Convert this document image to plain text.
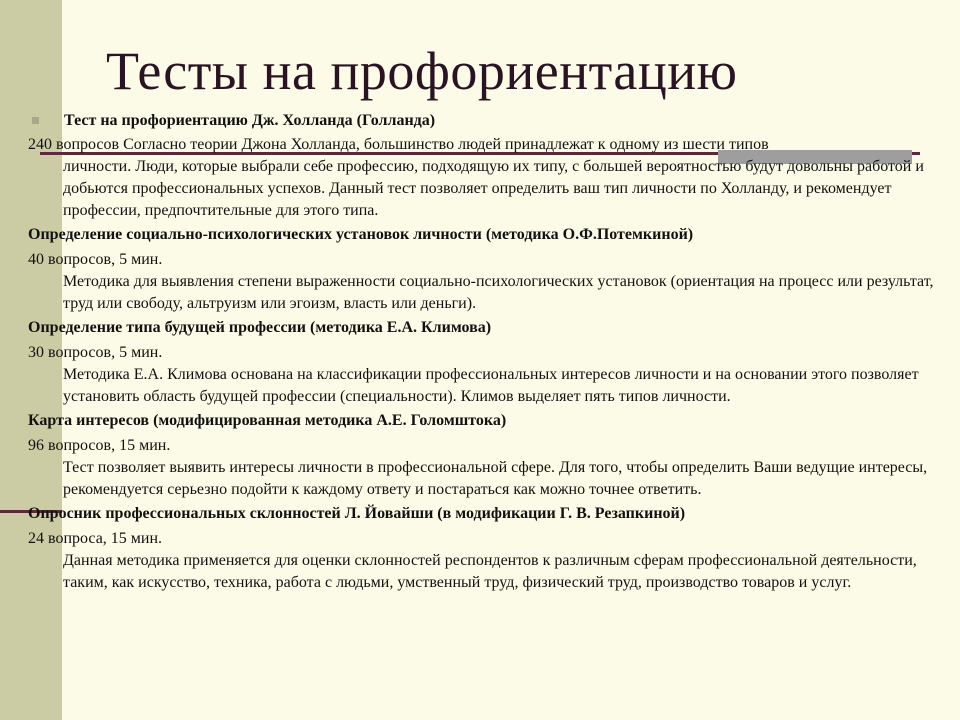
Тесты на профориентацию
Тест на профориентацию Дж. Холланда (Голланда)
240 вопросов Согласно теории Джона Холланда, большинство людей принадлежат к одному из шести типов
личности. Люди, которые выбрали себе профессию, подходящую их типу, с большей вероятностью будут довольны работой и добьются профессиональных успехов. Данный тест позволяет определить ваш тип личности по Холланду, и рекомендует профессии, предпочтительные для этого типа.
Определение социально-психологических установок личности (методика О.Ф.Потемкиной)
40 вопросов, 5 мин.
Методика для выявления степени выраженности социально-психологических установок (ориентация на процесс или результат, труд или свободу, альтруизм или эгоизм, власть или деньги).
Определение типа будущей профессии (методика Е.А. Климова)
30 вопросов, 5 мин.
Методика Е.А. Климова основана на классификации профессиональных интересов личности и на основании этого позволяет установить область будущей профессии (специальности). Климов выделяет пять типов личности.
Карта интересов (модифицированная методика А.Е. Голомштока)
96 вопросов, 15 мин.
Тест позволяет выявить интересы личности в профессиональной сфере. Для того, чтобы определить Ваши ведущие интересы, рекомендуется серьезно подойти к каждому ответу и постараться как можно точнее ответить.
Опросник профессиональных склонностей Л. Йовайши (в модификации Г. В. Резапкиной)
24 вопроса, 15 мин.
Данная методика применяется для оценки склонностей респондентов к различным сферам профессиональной деятельности, таким, как искусство, техника, работа с людьми, умственный труд, физический труд, производство товаров и услуг.
